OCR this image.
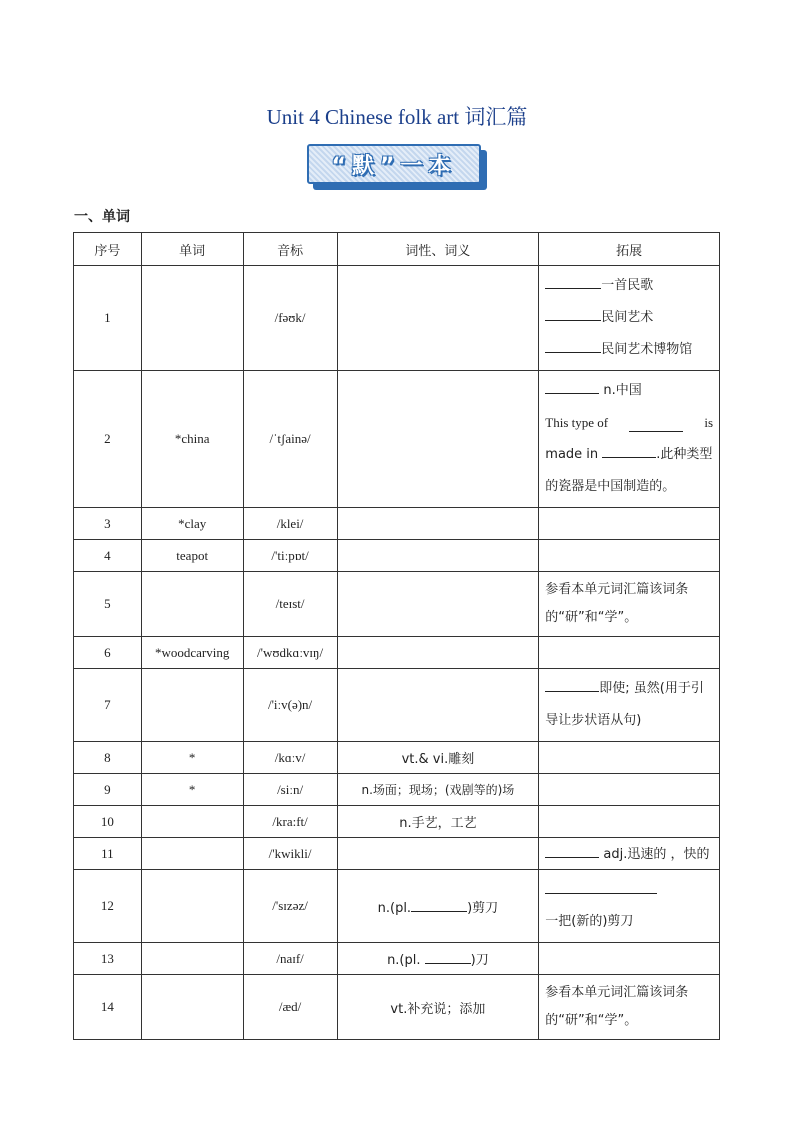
Unit 4 Chinese folk art 词汇篇
“默”一本
一、单词
序号	单词	音标	词性、词义	拓展
1		/fəʊk/		一首民歌
民间艺术
民间艺术博物馆

2	*china	/ˈtʃainə/		n.中国
This type of is
made in .此种类型
的瓷器是中国制造的。

3	*clay	/klei/		
4	teapot	/'tiːpɒt/		
5		/teɪst/		参看本单元词汇篇该词条
的“研”和“学”。

6	*woodcarving	/'wʊdkɑːvɪŋ/		
7		/'iːv(ə)n/		即使; 虽然(用于引
导让步状语从句)

8	*	/kɑːv/	vt.& vi.雕刻	
9	*	/siːn/	n.场面；现场；(戏剧等的)场	
10		/kra:ft/	n.手艺，工艺	
11		/'kwikli/		adj.迅速的 ，快的

12		/'sɪzəz/	n.(pl. )剪刀	一把(新的)剪刀

13		/naɪf/	n.(pl. )刀	
14		/æd/	vt.补充说；添加	参看本单元词汇篇该词条
的“研”和“学”。
